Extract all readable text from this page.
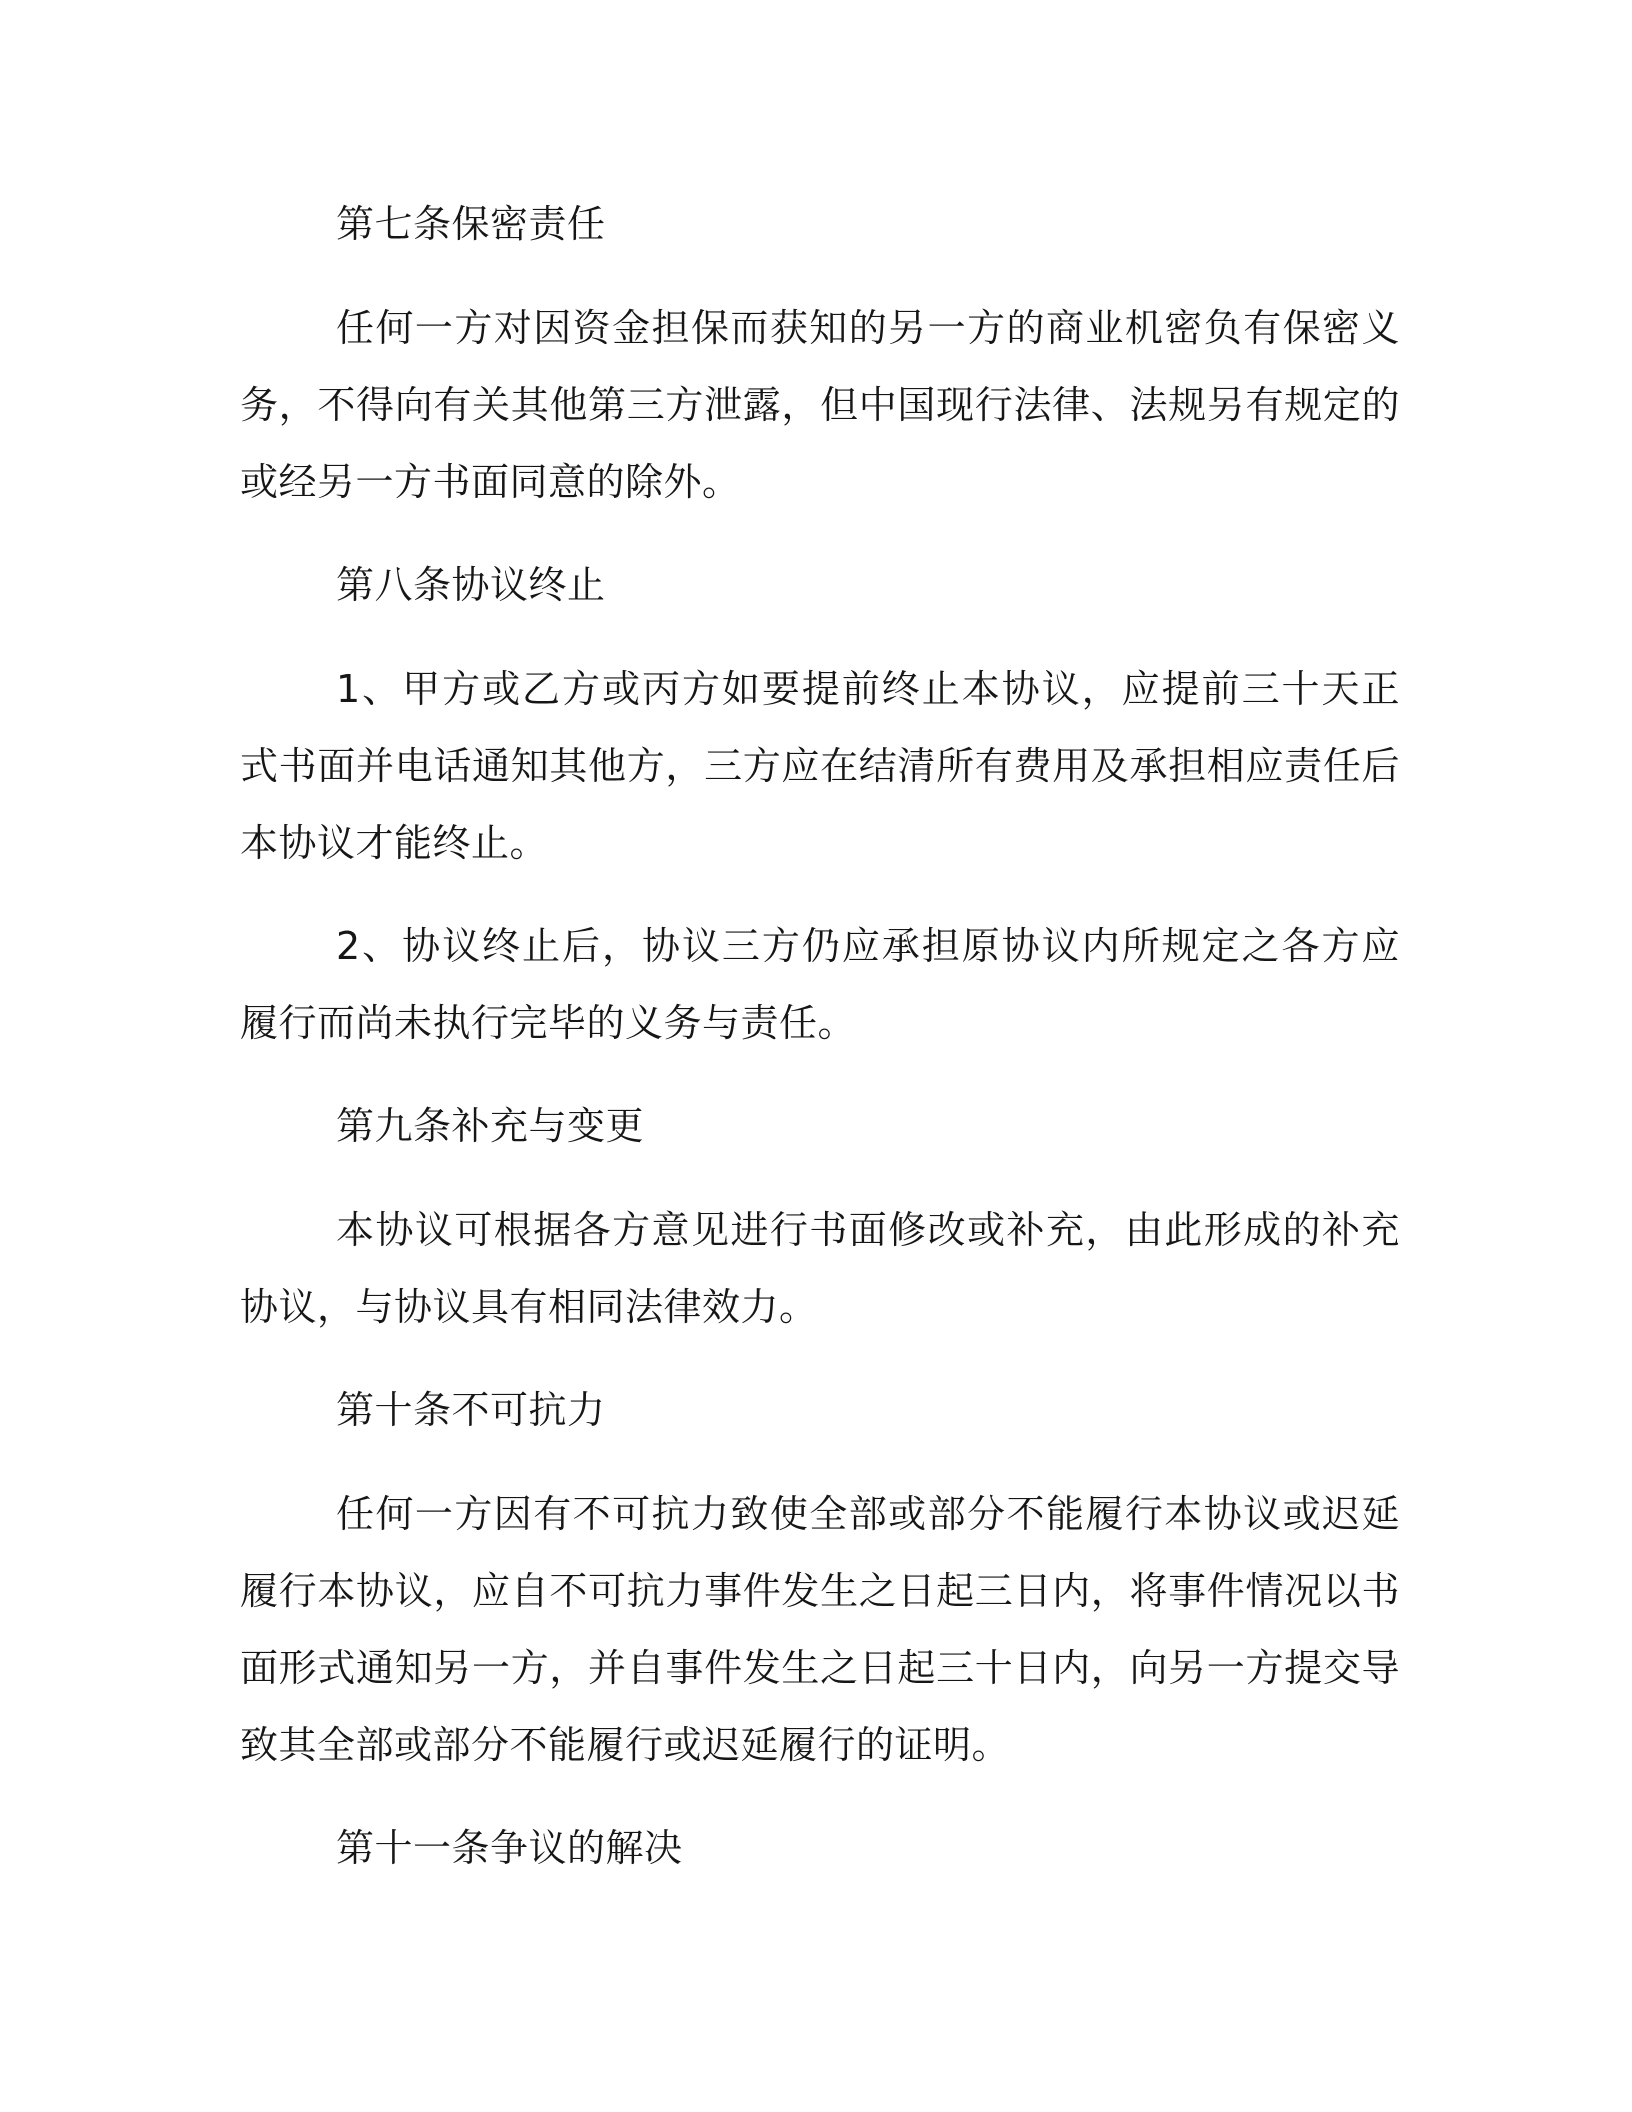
第七条保密责任

任何一方对因资金担保而获知的另一方的商业机密负有保密义务，不得向有关其他第三方泄露，但中国现行法律、法规另有规定的或经另一方书面同意的除外。

第八条协议终止

1、甲方或乙方或丙方如要提前终止本协议，应提前三十天正式书面并电话通知其他方，三方应在结清所有费用及承担相应责任后本协议才能终止。

2、协议终止后，协议三方仍应承担原协议内所规定之各方应履行而尚未执行完毕的义务与责任。

第九条补充与变更

本协议可根据各方意见进行书面修改或补充，由此形成的补充协议，与协议具有相同法律效力。

第十条不可抗力

任何一方因有不可抗力致使全部或部分不能履行本协议或迟延履行本协议，应自不可抗力事件发生之日起三日内，将事件情况以书面形式通知另一方，并自事件发生之日起三十日内，向另一方提交导致其全部或部分不能履行或迟延履行的证明。

第十一条争议的解决
